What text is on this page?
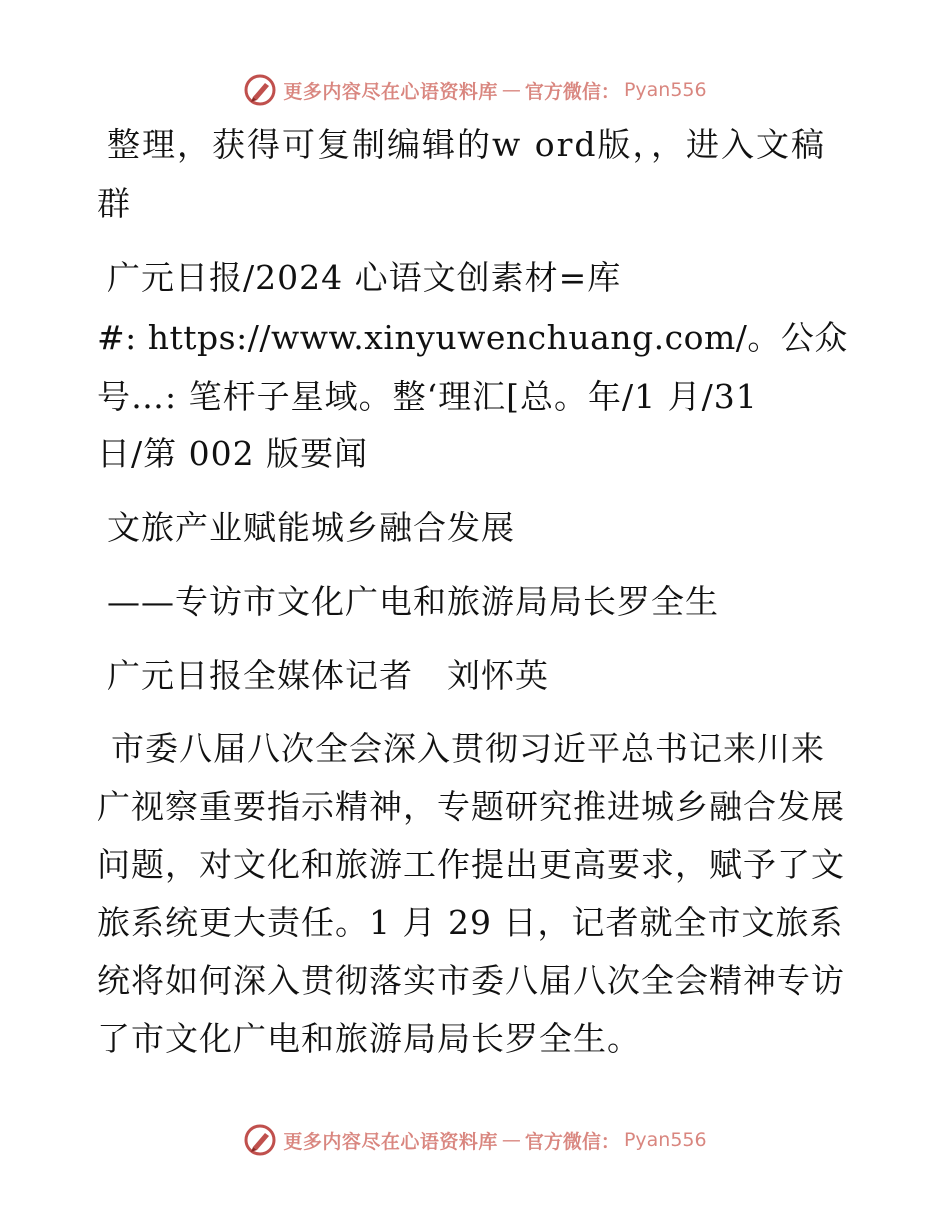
更多内容尽在心语资料库 — 官方微信： Pyan556
整理，获得可复制编辑的w ord版，，进入文稿
群
广元日报/2024 心语文创素材=库
#: https://www.xinyuwenchuang.com/。公众
号…: 笔杆子星域。整‘理汇[总。年/1 月/31
日/第 002 版要闻
文旅产业赋能城乡融合发展
——专访市文化广电和旅游局局长罗全生
广元日报全媒体记者　刘怀英
市委八届八次全会深入贯彻习近平总书记来川来广视察重要指示精神，专题研究推进城乡融合发展问题，对文化和旅游工作提出更高要求，赋予了文旅系统更大责任。1 月 29 日，记者就全市文旅系统将如何深入贯彻落实市委八届八次全会精神专访了市文化广电和旅游局局长罗全生。
更多内容尽在心语资料库 — 官方微信： Pyan556
